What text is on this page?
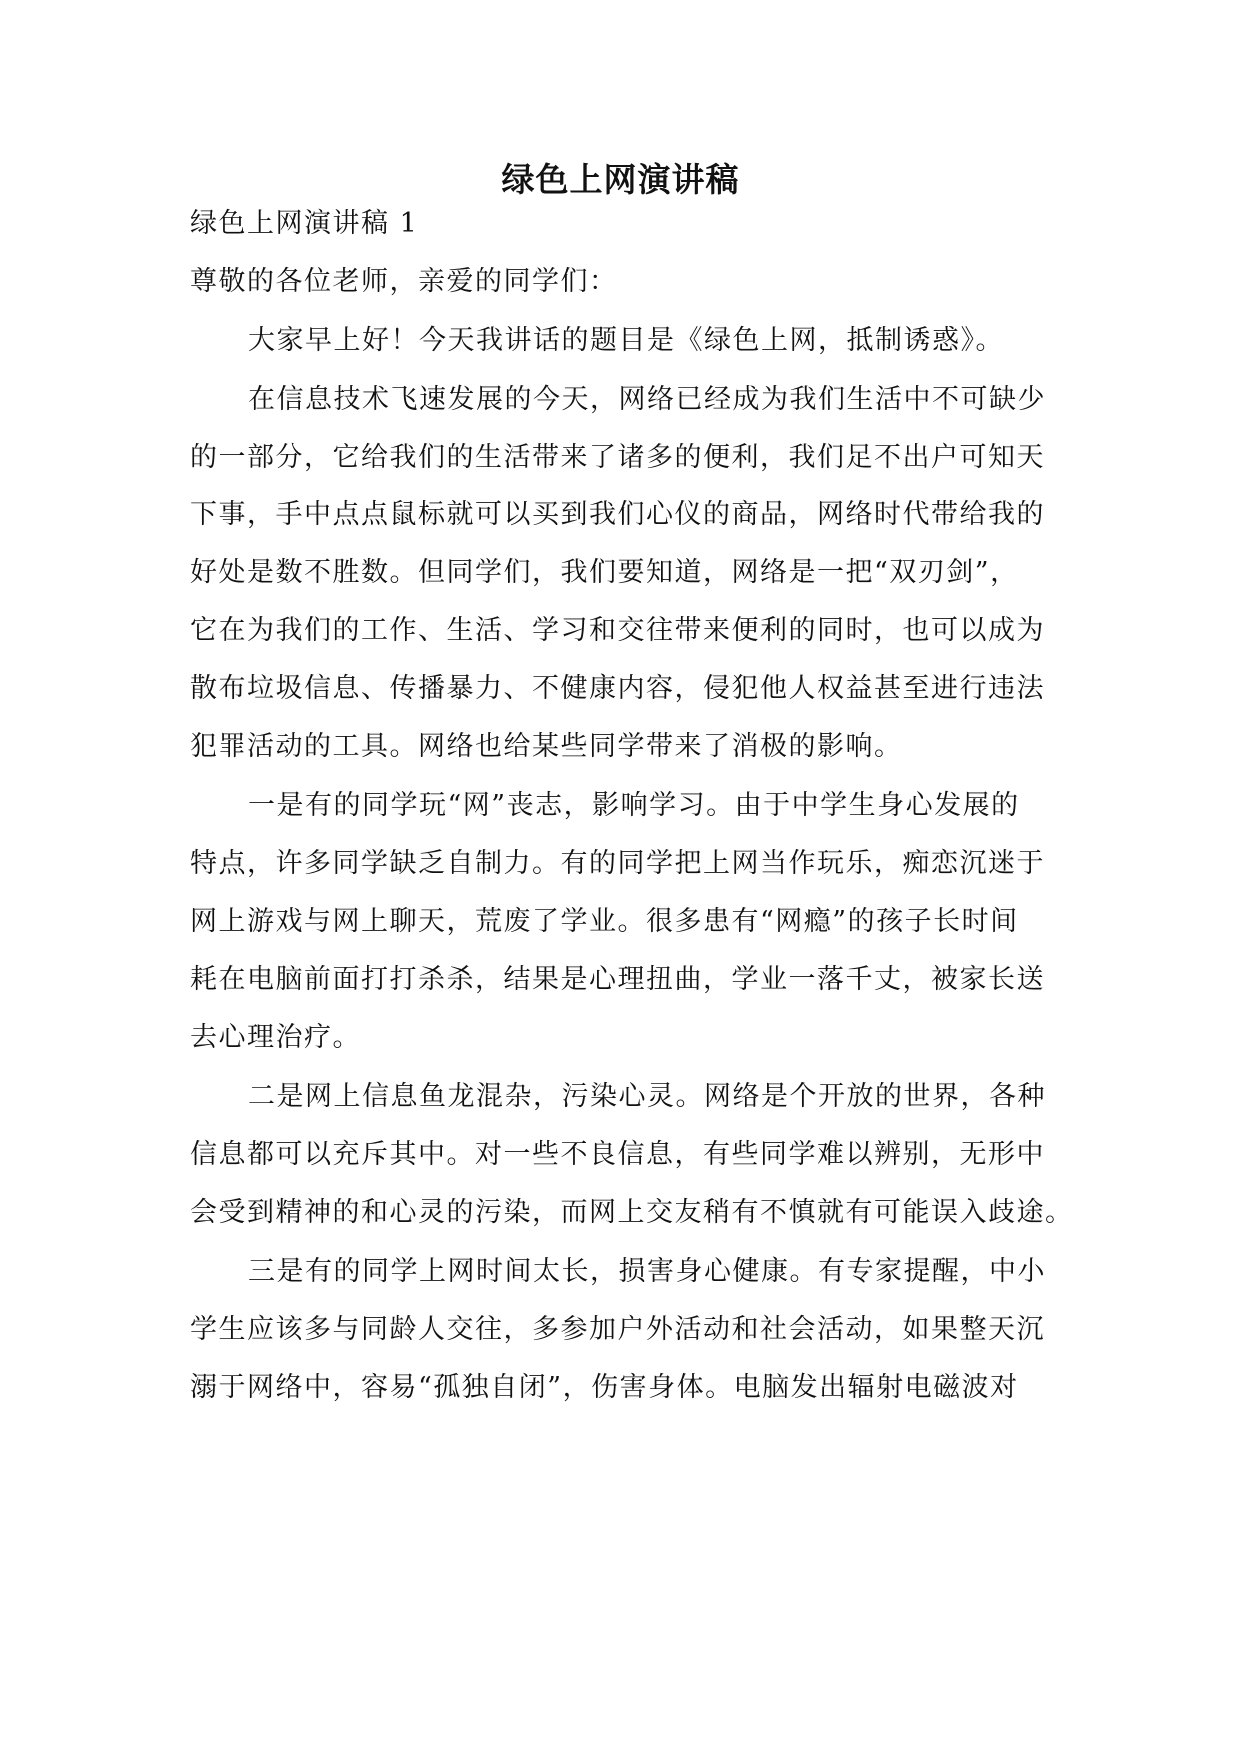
绿色上网演讲稿
绿色上网演讲稿 1
尊敬的各位老师，亲爱的同学们：
大家早上好！今天我讲话的题目是《绿色上网，抵制诱惑》。
在信息技术飞速发展的今天，网络已经成为我们生活中不可缺少
的一部分，它给我们的生活带来了诸多的便利，我们足不出户可知天
下事，手中点点鼠标就可以买到我们心仪的商品，网络时代带给我的
好处是数不胜数。但同学们，我们要知道，网络是一把“双刃剑”，
它在为我们的工作、生活、学习和交往带来便利的同时，也可以成为
散布垃圾信息、传播暴力、不健康内容，侵犯他人权益甚至进行违法
犯罪活动的工具。网络也给某些同学带来了消极的影响。
一是有的同学玩“网”丧志，影响学习。由于中学生身心发展的
特点，许多同学缺乏自制力。有的同学把上网当作玩乐，痴恋沉迷于
网上游戏与网上聊天，荒废了学业。很多患有“网瘾”的孩子长时间
耗在电脑前面打打杀杀，结果是心理扭曲，学业一落千丈，被家长送
去心理治疗。
二是网上信息鱼龙混杂，污染心灵。网络是个开放的世界，各种
信息都可以充斥其中。对一些不良信息，有些同学难以辨别，无形中
会受到精神的和心灵的污染，而网上交友稍有不慎就有可能误入歧途。
三是有的同学上网时间太长，损害身心健康。有专家提醒，中小
学生应该多与同龄人交往，多参加户外活动和社会活动，如果整天沉
溺于网络中，容易“孤独自闭”，伤害身体。电脑发出辐射电磁波对
